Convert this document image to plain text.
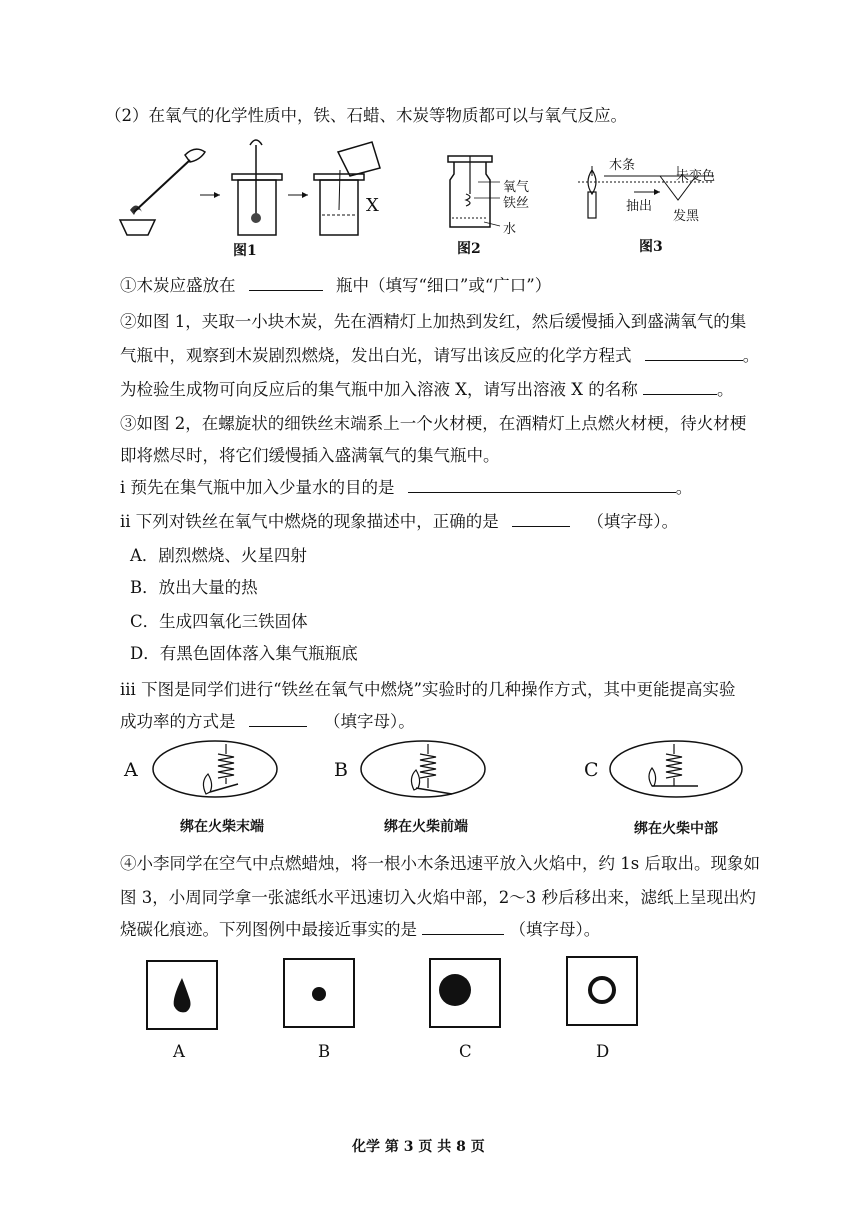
（2）在氧气的化学性质中，铁、石蜡、木炭等物质都可以与氧气反应。
X
图1
氧气
铁丝
水
图2
木条
未变色
抽出
发黑
图3
①木炭应盛放在	瓶中（填写“细口”或“广口”）
②如图 1，夹取一小块木炭，先在酒精灯上加热到发红，然后缓慢插入到盛满氧气的集
气瓶中，观察到木炭剧烈燃烧，发出白光，请写出该反应的化学方程式	。
为检验生成物可向反应后的集气瓶中加入溶液 X，请写出溶液 X 的名称	。
③如图 2，在螺旋状的细铁丝末端系上一个火材梗，在酒精灯上点燃火材梗，待火材梗
即将燃尽时，将它们缓慢插入盛满氧气的集气瓶中。
i 预先在集气瓶中加入少量水的目的是	。
ii 下列对铁丝在氧气中燃烧的现象描述中，正确的是	（填字母）。
A．剧烈燃烧、火星四射
B．放出大量的热
C．生成四氧化三铁固体
D．有黑色固体落入集气瓶瓶底
iii 下图是同学们进行“铁丝在氧气中燃烧”实验时的几种操作方式，其中更能提高实验
成功率的方式是	（填字母）。
A
绑在火柴末端
B
绑在火柴前端
C
绑在火柴中部
④小李同学在空气中点燃蜡烛，将一根小木条迅速平放入火焰中，约 1s 后取出。现象如
图 3，小周同学拿一张滤纸水平迅速切入火焰中部，2～3 秒后移出来，滤纸上呈现出灼
烧碳化痕迹。下列图例中最接近事实的是	（填字母）。
A	B	C	D
化学 第 3 页 共 8 页
